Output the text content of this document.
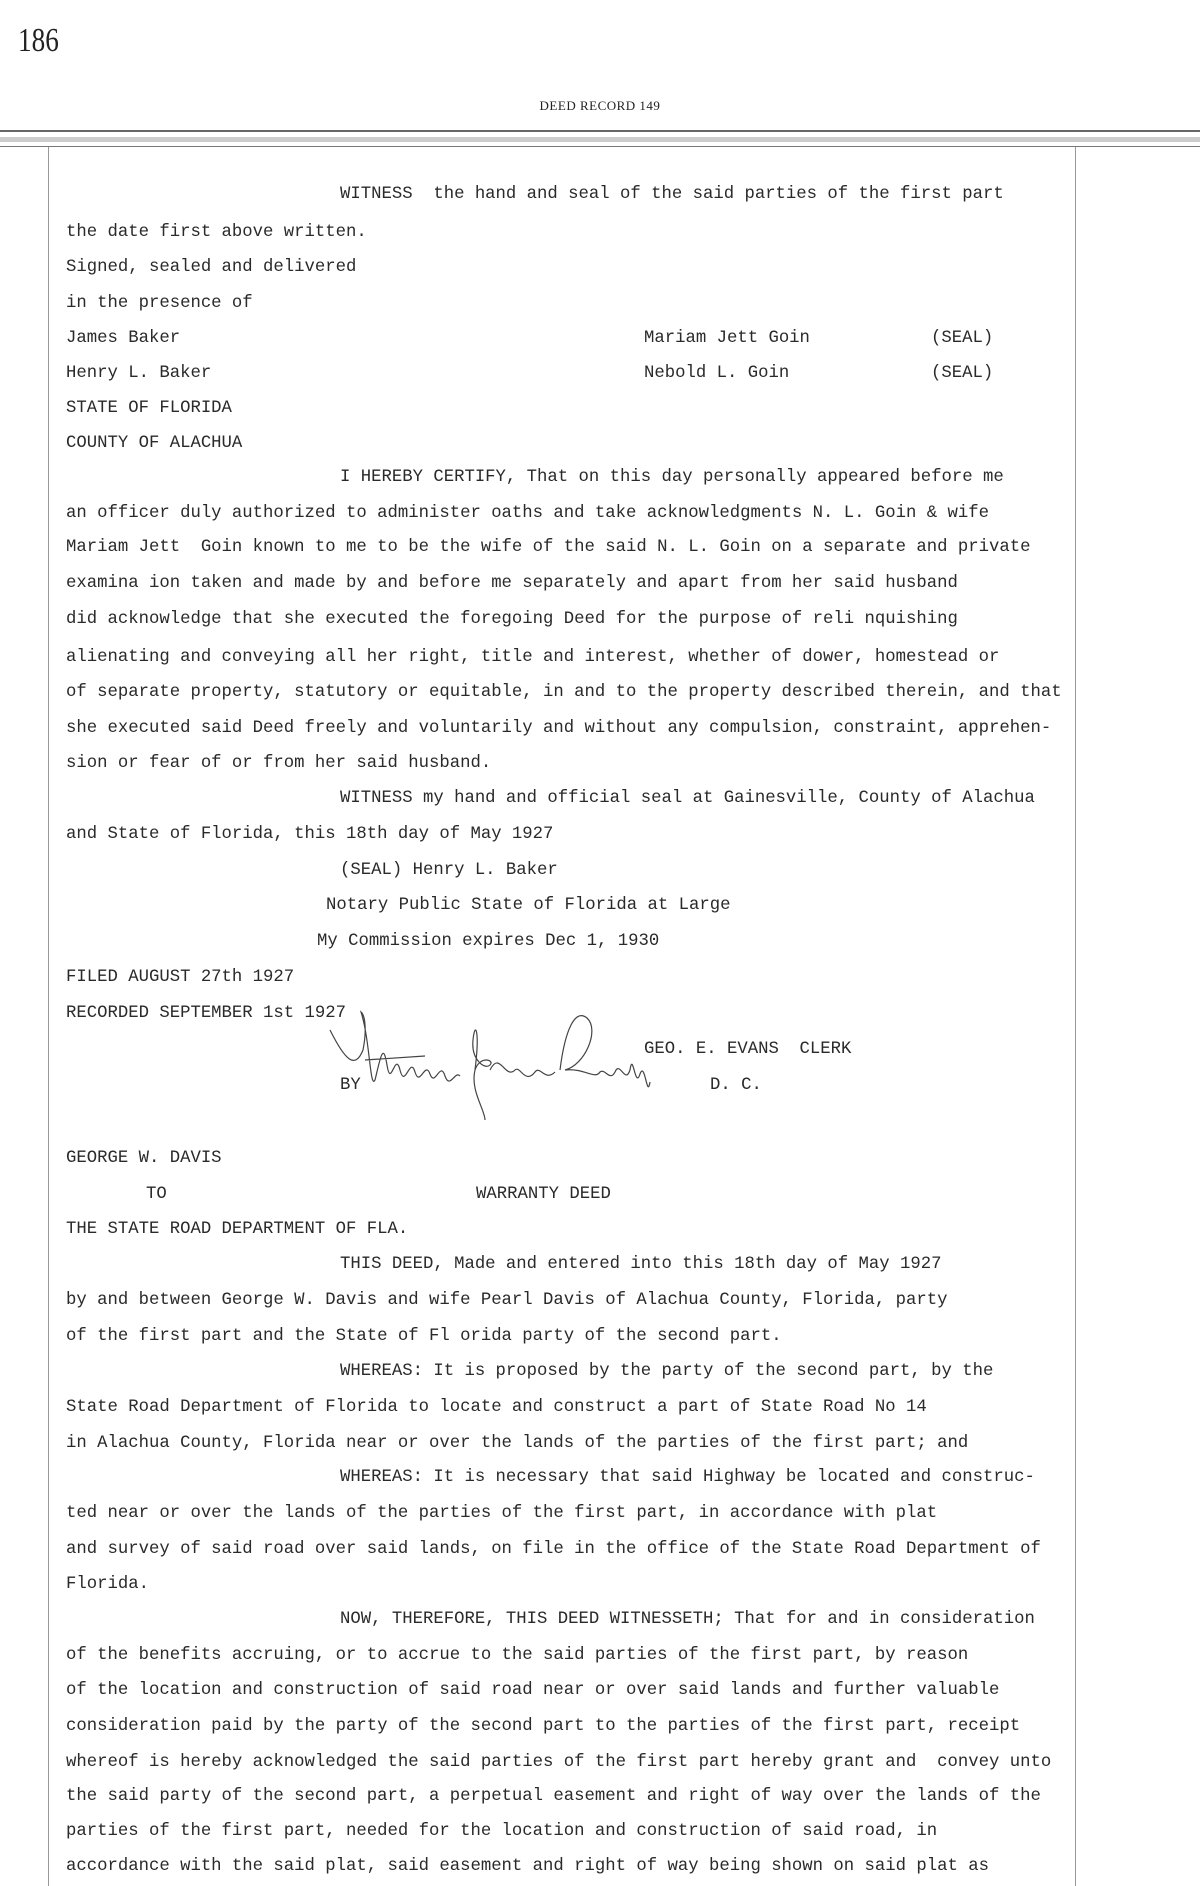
186
DEED RECORD 149
WITNESS  the hand and seal of the said parties of the first part
the date first above written.
Signed, sealed and delivered
in the presence of
James Baker	Mariam Jett Goin	(SEAL)
Henry L. Baker	Nebold L. Goin	(SEAL)
STATE OF FLORIDA
COUNTY OF ALACHUA
I HEREBY CERTIFY, That on this day personally appeared before me
an officer duly authorized to administer oaths and take acknowledgments N. L. Goin & wife
Mariam Jett  Goin known to me to be the wife of the said N. L. Goin on a separate and private
examina ion taken and made by and before me separately and apart from her said husband
did acknowledge that she executed the foregoing Deed for the purpose of reli nquishing
alienating and conveying all her right, title and interest, whether of dower, homestead or
of separate property, statutory or equitable, in and to the property described therein, and that
she executed said Deed freely and voluntarily and without any compulsion, constraint, apprehen-
sion or fear of or from her said husband.
WITNESS my hand and official seal at Gainesville, County of Alachua
and State of Florida, this 18th day of May 1927
(SEAL) Henry L. Baker
Notary Public State of Florida at Large
My Commission expires Dec 1, 1930
FILED AUGUST 27th 1927
RECORDED SEPTEMBER 1st 1927
GEO. E. EVANS  CLERK
BY	D. C.
GEORGE W. DAVIS
TO	WARRANTY DEED
THE STATE ROAD DEPARTMENT OF FLA.
THIS DEED, Made and entered into this 18th day of May 1927
by and between George W. Davis and wife Pearl Davis of Alachua County, Florida, party
of the first part and the State of Fl orida party of the second part.
WHEREAS: It is proposed by the party of the second part, by the
State Road Department of Florida to locate and construct a part of State Road No 14
in Alachua County, Florida near or over the lands of the parties of the first part; and
WHEREAS: It is necessary that said Highway be located and construc-
ted near or over the lands of the parties of the first part, in accordance with plat
and survey of said road over said lands, on file in the office of the State Road Department of
Florida.
NOW, THEREFORE, THIS DEED WITNESSETH; That for and in consideration
of the benefits accruing, or to accrue to the said parties of the first part, by reason
of the location and construction of said road near or over said lands and further valuable
consideration paid by the party of the second part to the parties of the first part, receipt
whereof is hereby acknowledged the said parties of the first part hereby grant and  convey unto
the said party of the second part, a perpetual easement and right of way over the lands of the
parties of the first part, needed for the location and construction of said road, in
accordance with the said plat, said easement and right of way being shown on said plat as
